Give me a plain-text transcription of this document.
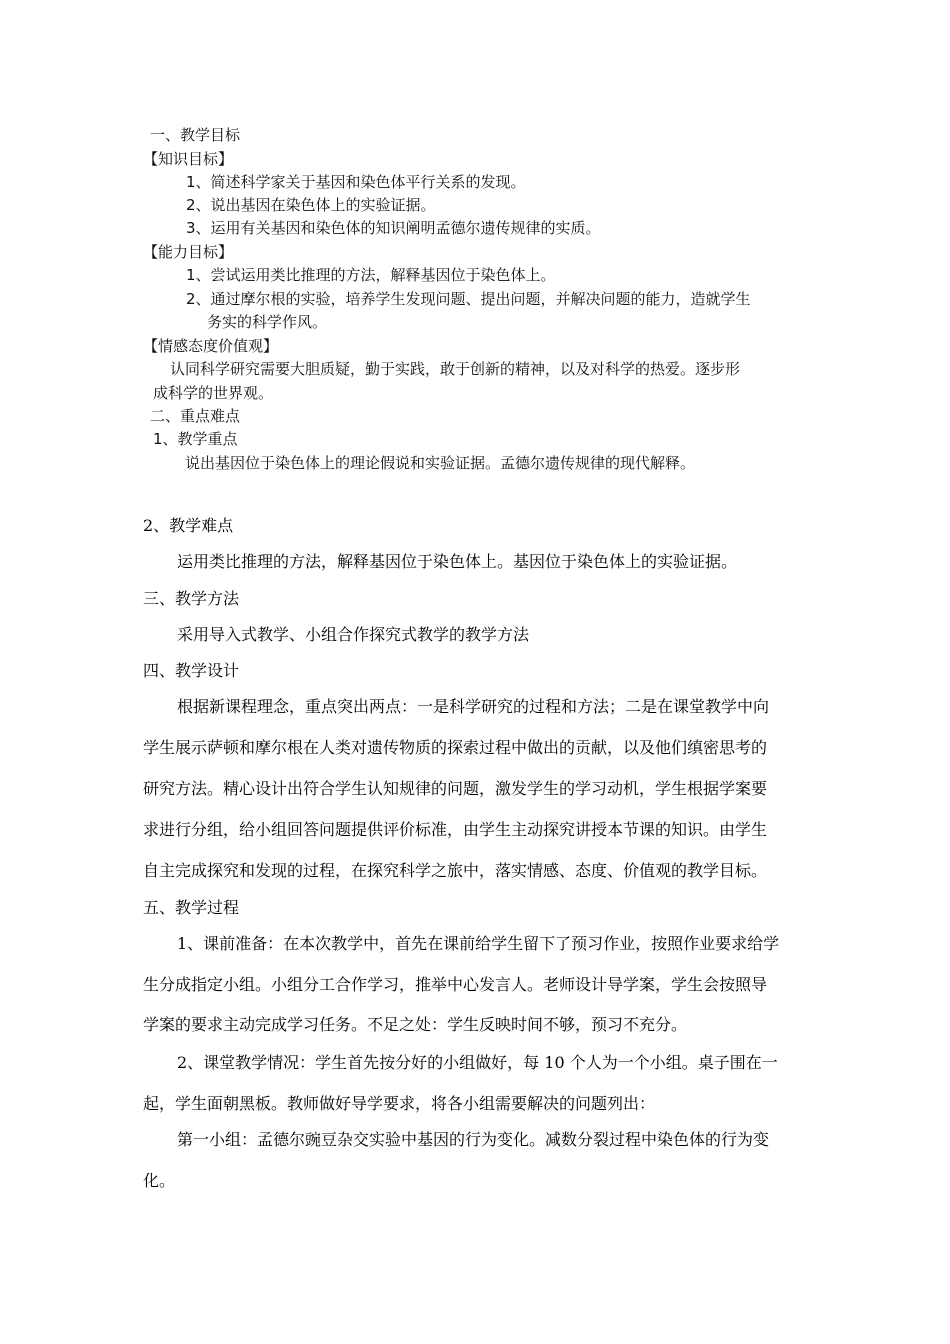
一、教学目标
【知识目标】
1、简述科学家关于基因和染色体平行关系的发现。
2、说出基因在染色体上的实验证据。
3、运用有关基因和染色体的知识阐明孟德尔遗传规律的实质。
【能力目标】
1、尝试运用类比推理的方法，解释基因位于染色体上。
2、通过摩尔根的实验，培养学生发现问题、提出问题，并解决问题的能力，造就学生
务实的科学作风。
【情感态度价值观】
认同科学研究需要大胆质疑，勤于实践，敢于创新的精神，以及对科学的热爱。逐步形
成科学的世界观。
二、重点难点
1、教学重点
说出基因位于染色体上的理论假说和实验证据。孟德尔遗传规律的现代解释。
2、教学难点
运用类比推理的方法，解释基因位于染色体上。基因位于染色体上的实验证据。
三、教学方法
采用导入式教学、小组合作探究式教学的教学方法
四、教学设计
根据新课程理念，重点突出两点：一是科学研究的过程和方法；二是在课堂教学中向
学生展示萨顿和摩尔根在人类对遗传物质的探索过程中做出的贡献，以及他们缜密思考的
研究方法。精心设计出符合学生认知规律的问题，激发学生的学习动机，学生根据学案要
求进行分组，给小组回答问题提供评价标准，由学生主动探究讲授本节课的知识。由学生
自主完成探究和发现的过程，在探究科学之旅中，落实情感、态度、价值观的教学目标。
五、教学过程
1、课前准备：在本次教学中，首先在课前给学生留下了预习作业，按照作业要求给学
生分成指定小组。小组分工合作学习，推举中心发言人。老师设计导学案，学生会按照导
学案的要求主动完成学习任务。不足之处：学生反映时间不够，预习不充分。
2、课堂教学情况：学生首先按分好的小组做好，每 10 个人为一个小组。桌子围在一
起，学生面朝黑板。教师做好导学要求，将各小组需要解决的问题列出：
第一小组：孟德尔豌豆杂交实验中基因的行为变化。减数分裂过程中染色体的行为变
化。
